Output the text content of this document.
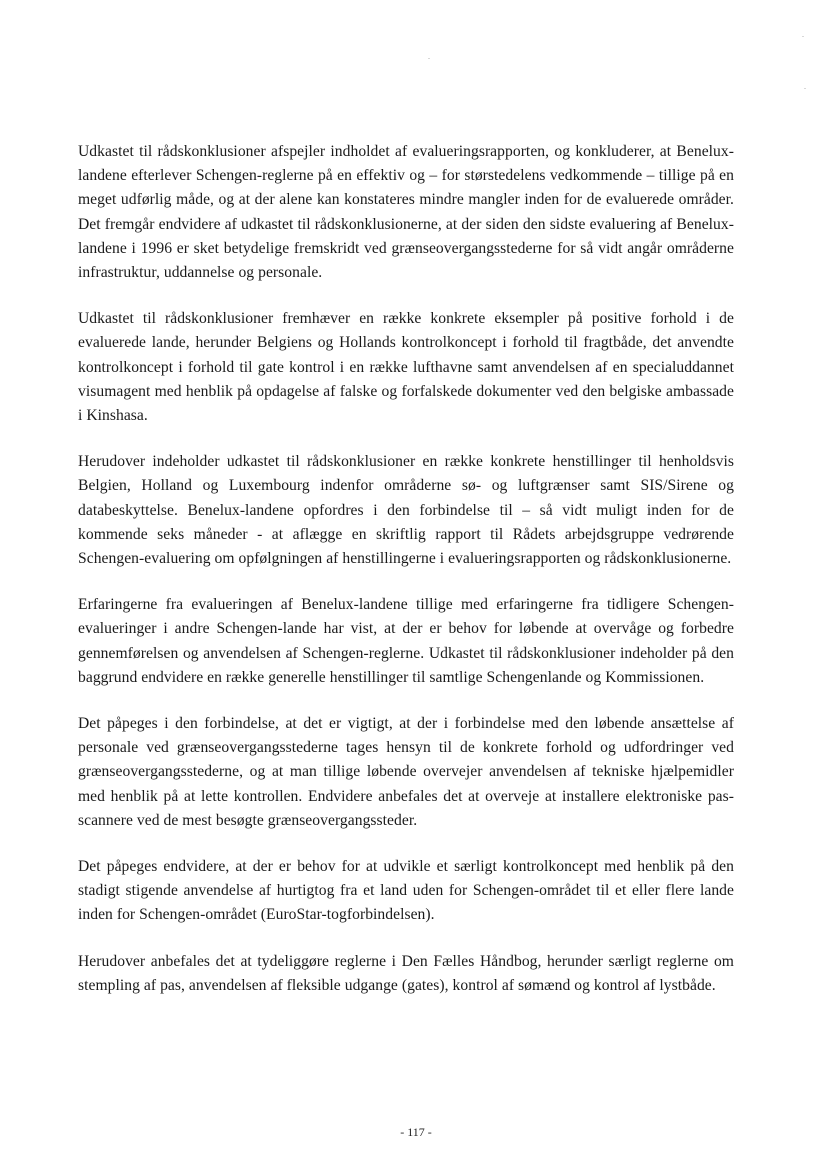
Udkastet til rådskonklusioner afspejler indholdet af evalueringsrapporten, og konkluderer, at Benelux-landene efterlever Schengen-reglerne på en effektiv og – for størstedelens vedkommende – tillige på en meget udførlig måde, og at der alene kan konstateres mindre mangler inden for de evaluerede områder. Det fremgår endvidere af udkastet til rådskonklusionerne, at der siden den sidste evaluering af Benelux-landene i 1996 er sket betydelige fremskridt ved grænseovergangsstederne for så vidt angår områderne infrastruktur, uddannelse og personale.

Udkastet til rådskonklusioner fremhæver en række konkrete eksempler på positive forhold i de evaluerede lande, herunder Belgiens og Hollands kontrolkoncept i forhold til fragtbåde, det anvendte kontrolkoncept i forhold til gate kontrol i en række lufthavne samt anvendelsen af en specialuddannet visumagent med henblik på opdagelse af falske og forfalskede dokumenter ved den belgiske ambassade i Kinshasa.

Herudover indeholder udkastet til rådskonklusioner en række konkrete henstillinger til henholdsvis Belgien, Holland og Luxembourg indenfor områderne sø- og luftgrænser samt SIS/Sirene og databeskyttelse. Benelux-landene opfordres i den forbindelse til – så vidt muligt inden for de kommende seks måneder - at aflægge en skriftlig rapport til Rådets arbejdsgruppe vedrørende Schengen-evaluering om opfølgningen af henstillingerne i evalueringsrapporten og rådskonklusionerne.

Erfaringerne fra evalueringen af Benelux-landene tillige med erfaringerne fra tidligere Schengen-evalueringer i andre Schengen-lande har vist, at der er behov for løbende at overvåge og forbedre gennemførelsen og anvendelsen af Schengen-reglerne. Udkastet til rådskonklusioner indeholder på den baggrund endvidere en række generelle henstillinger til samtlige Schengenlande og Kommissionen.

Det påpeges i den forbindelse, at det er vigtigt, at der i forbindelse med den løbende ansættelse af personale ved grænseovergangsstederne tages hensyn til de konkrete forhold og udfordringer ved grænseovergangsstederne, og at man tillige løbende overvejer anvendelsen af tekniske hjælpemidler med henblik på at lette kontrollen. Endvidere anbefales det at overveje at installere elektroniske pas-scannere ved de mest besøgte grænseovergangssteder.

Det påpeges endvidere, at der er behov for at udvikle et særligt kontrolkoncept med henblik på den stadigt stigende anvendelse af hurtigtog fra et land uden for Schengen-området til et eller flere lande inden for Schengen-området (EuroStar-togforbindelsen).

Herudover anbefales det at tydeliggøre reglerne i Den Fælles Håndbog, herunder særligt reglerne om stempling af pas, anvendelsen af fleksible udgange (gates), kontrol af sømænd og kontrol af lystbåde.

- 117 -
